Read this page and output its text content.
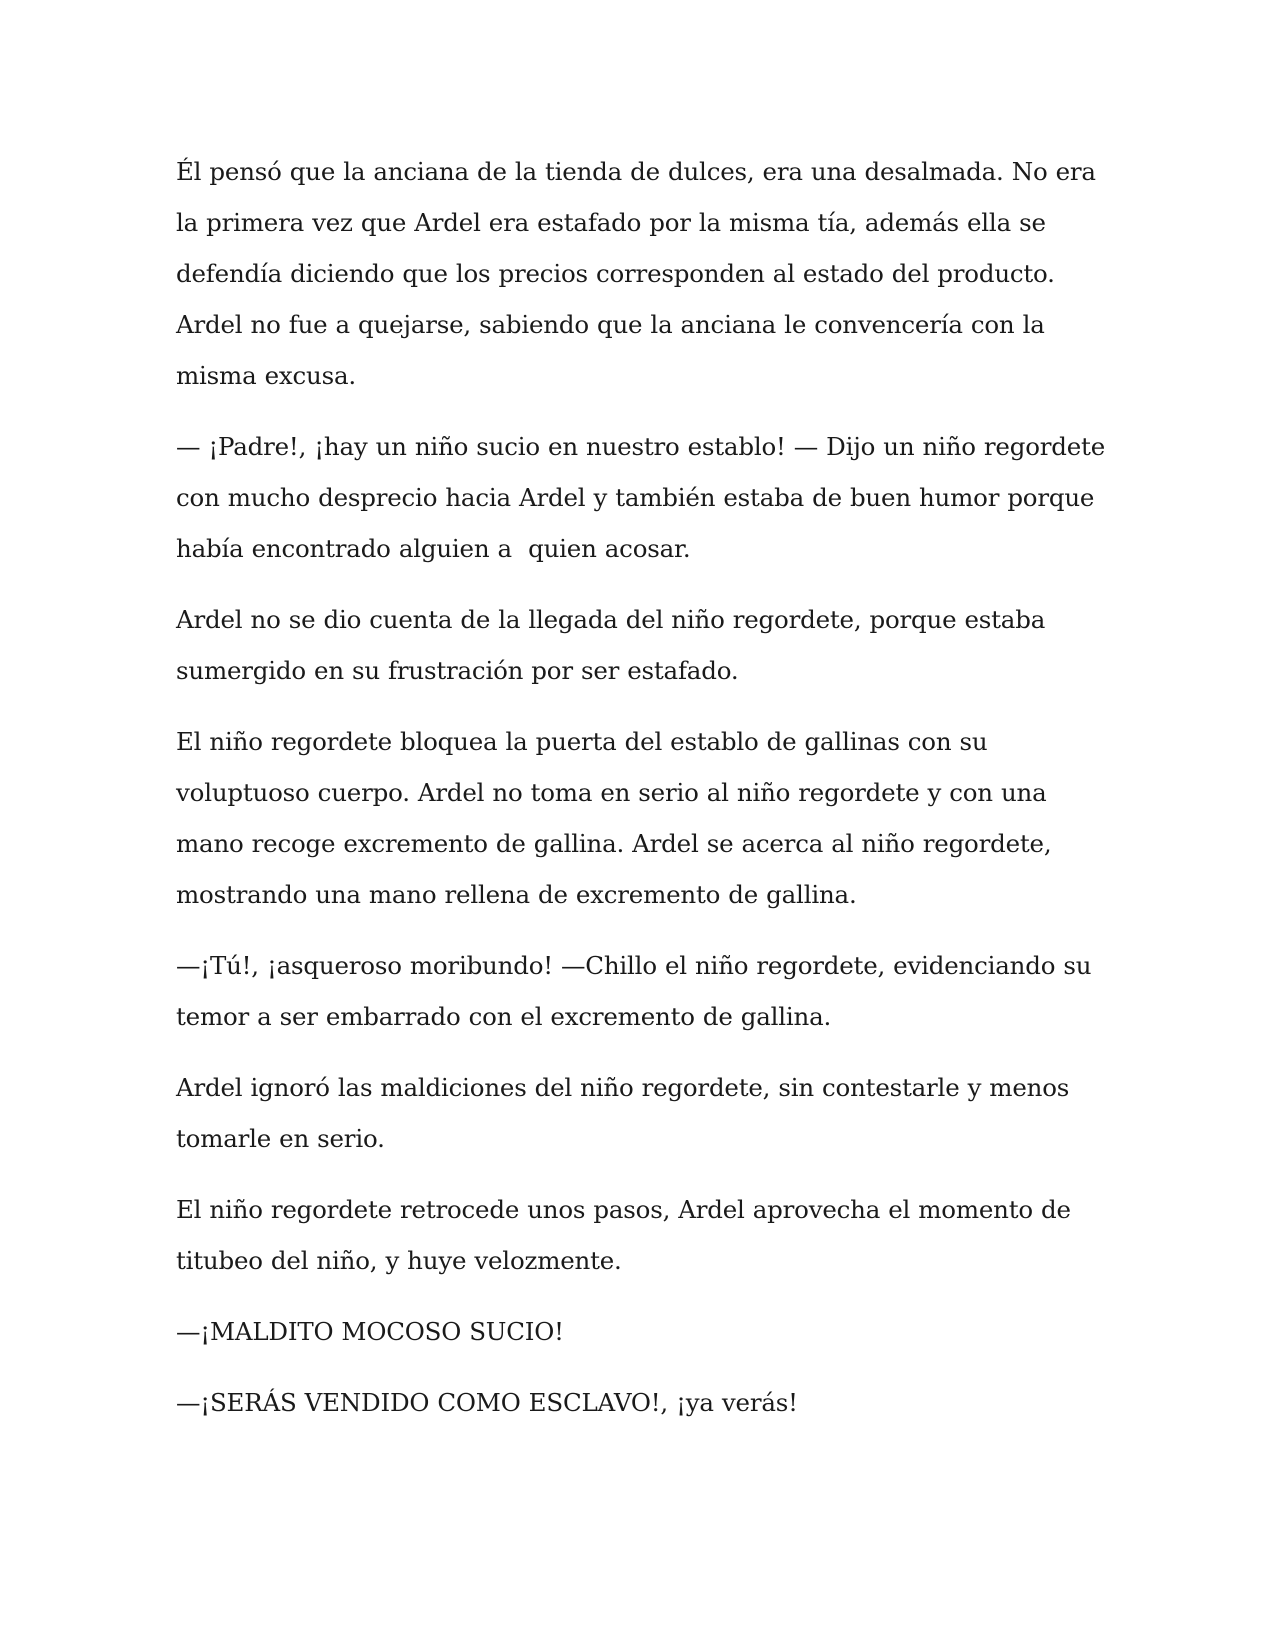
Él pensó que la anciana de la tienda de dulces, era una desalmada. No era la primera vez que Ardel era estafado por la misma tía, además ella se defendía diciendo que los precios corresponden al estado del producto. Ardel no fue a quejarse, sabiendo que la anciana le convencería con la misma excusa.

— ¡Padre!, ¡hay un niño sucio en nuestro establo! — Dijo un niño regordete con mucho desprecio hacia Ardel y también estaba de buen humor porque había encontrado alguien a  quien acosar.

Ardel no se dio cuenta de la llegada del niño regordete, porque estaba sumergido en su frustración por ser estafado.

El niño regordete bloquea la puerta del establo de gallinas con su voluptuoso cuerpo. Ardel no toma en serio al niño regordete y con una mano recoge excremento de gallina. Ardel se acerca al niño regordete, mostrando una mano rellena de excremento de gallina.

—¡Tú!, ¡asqueroso moribundo! —Chillo el niño regordete, evidenciando su temor a ser embarrado con el excremento de gallina.

Ardel ignoró las maldiciones del niño regordete, sin contestarle y menos tomarle en serio.

El niño regordete retrocede unos pasos, Ardel aprovecha el momento de titubeo del niño, y huye velozmente.

—¡MALDITO MOCOSO SUCIO!

—¡SERÁS VENDIDO COMO ESCLAVO!, ¡ya verás!
